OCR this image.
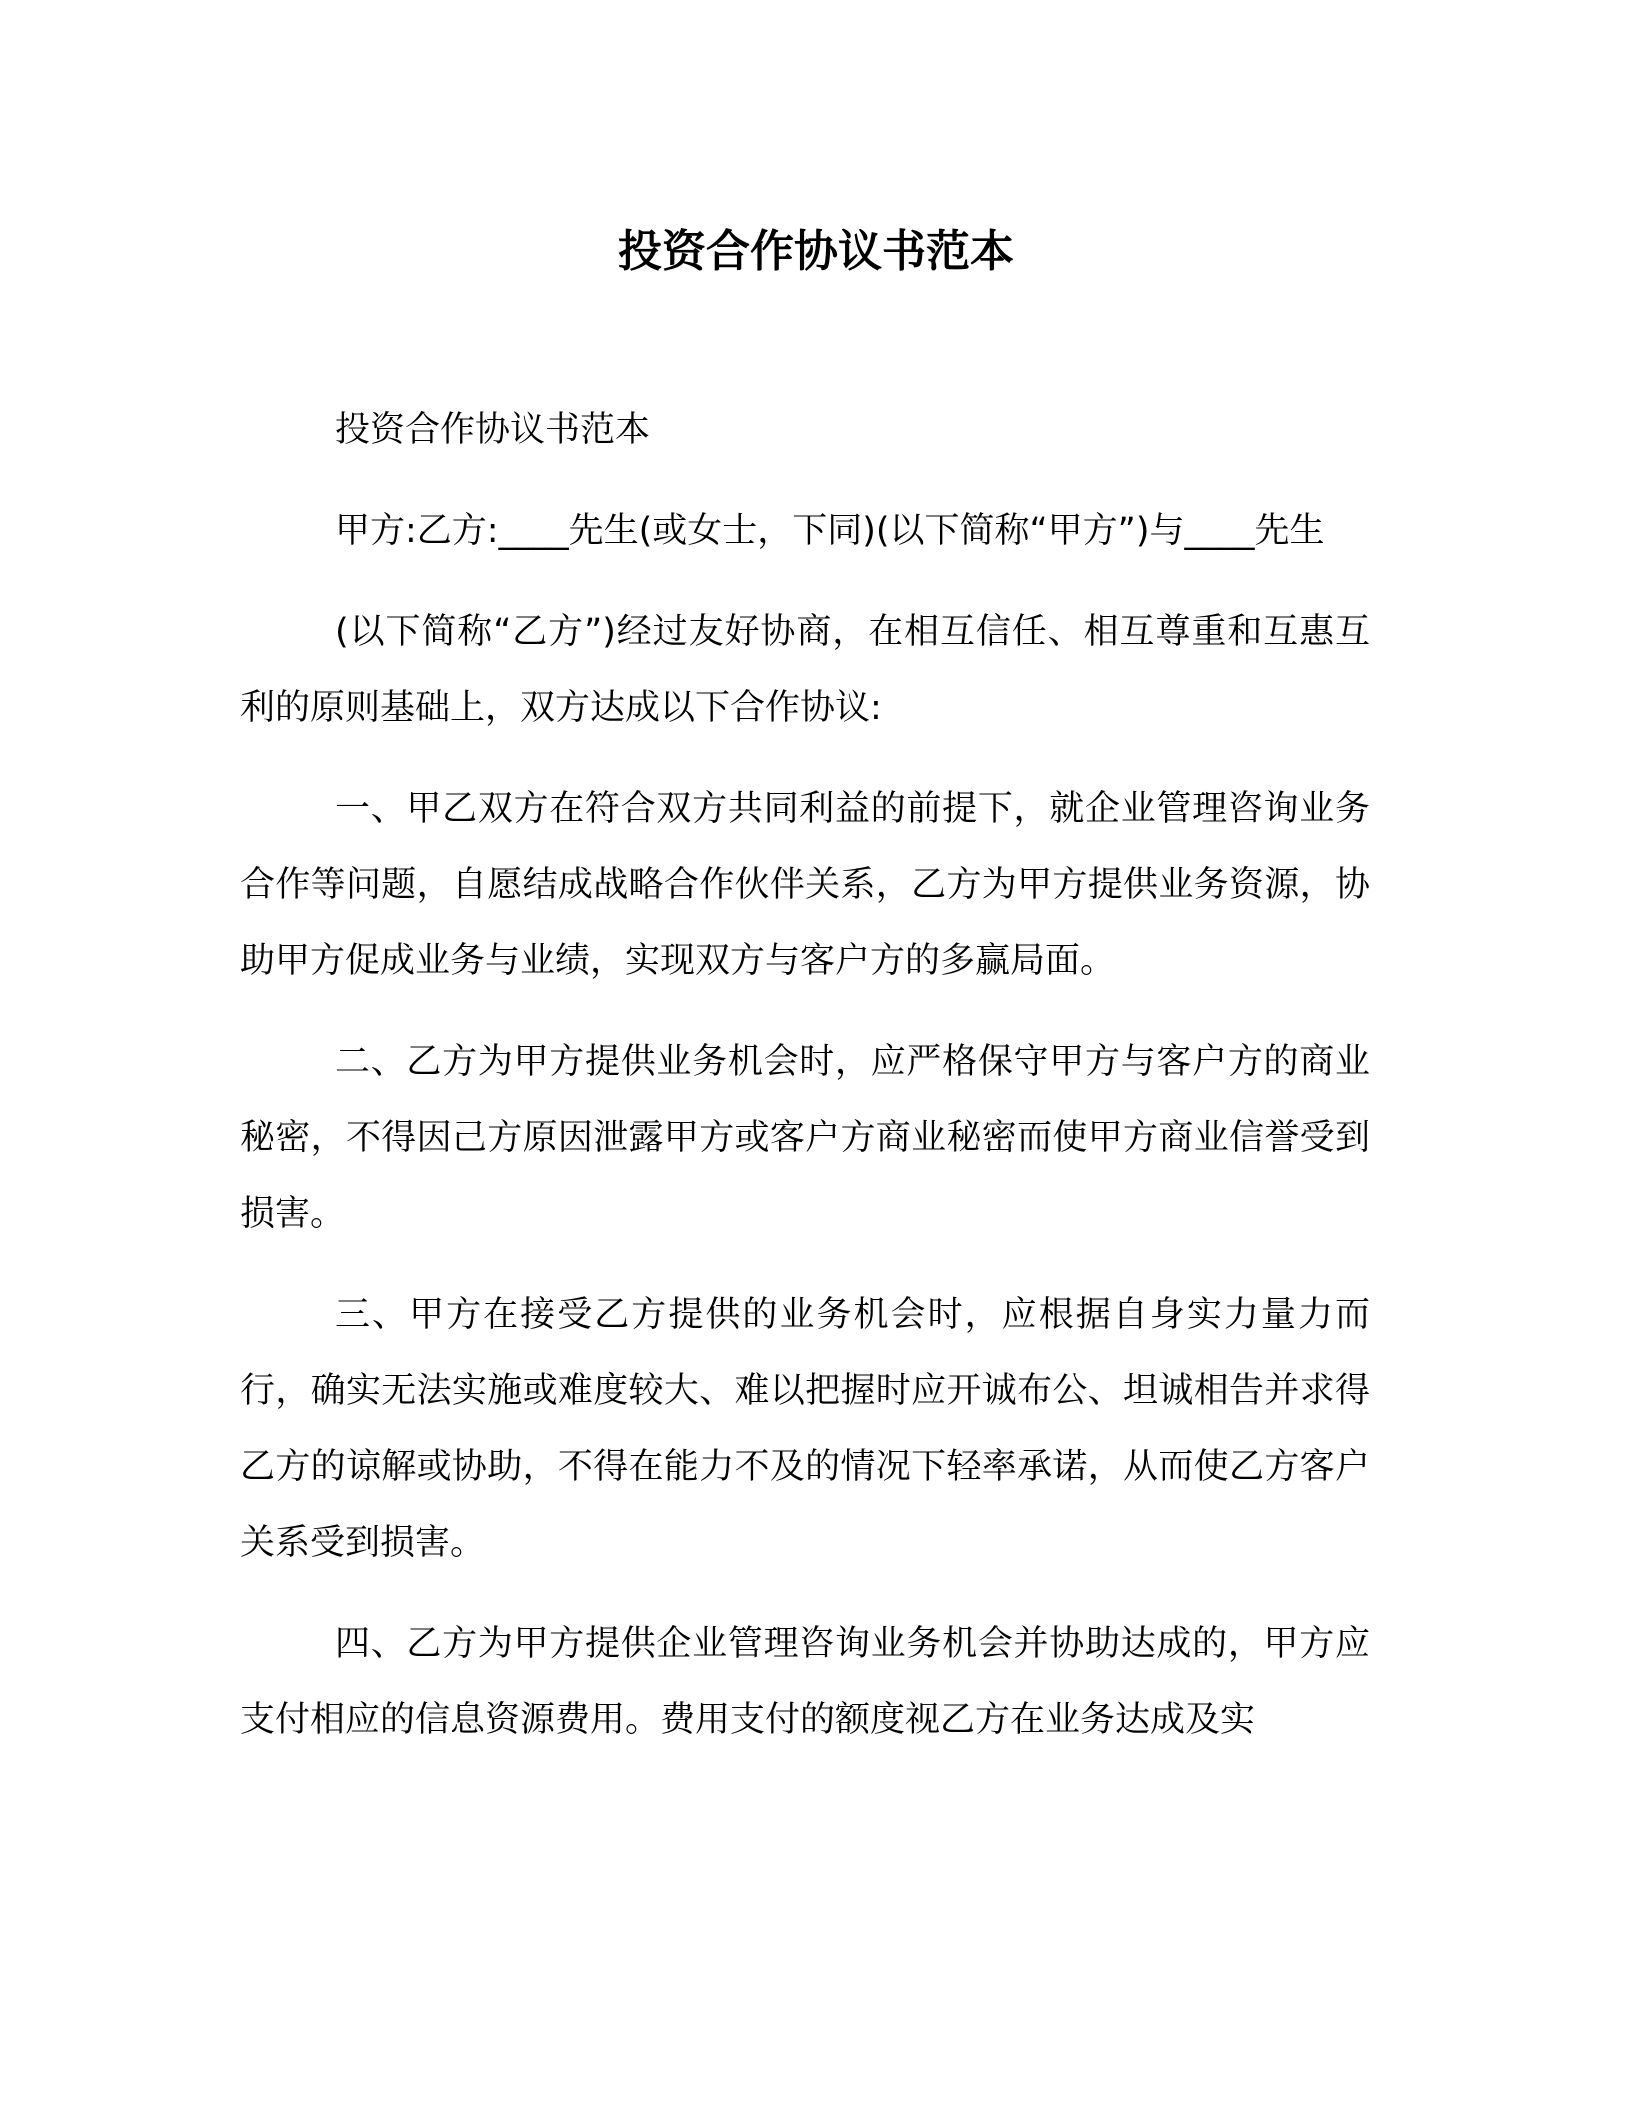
投资合作协议书范本

投资合作协议书范本

甲方:乙方:____先生(或女士，下同)(以下简称“甲方”)与____先生

(以下简称“乙方”)经过友好协商，在相互信任、相互尊重和互惠互利的原则基础上，双方达成以下合作协议:

一、甲乙双方在符合双方共同利益的前提下，就企业管理咨询业务合作等问题，自愿结成战略合作伙伴关系，乙方为甲方提供业务资源，协助甲方促成业务与业绩，实现双方与客户方的多赢局面。

二、乙方为甲方提供业务机会时，应严格保守甲方与客户方的商业秘密，不得因己方原因泄露甲方或客户方商业秘密而使甲方商业信誉受到损害。

三、甲方在接受乙方提供的业务机会时，应根据自身实力量力而行，确实无法实施或难度较大、难以把握时应开诚布公、坦诚相告并求得乙方的谅解或协助，不得在能力不及的情况下轻率承诺，从而使乙方客户关系受到损害。

四、乙方为甲方提供企业管理咨询业务机会并协助达成的，甲方应支付相应的信息资源费用。费用支付的额度视乙方在业务达成及实
